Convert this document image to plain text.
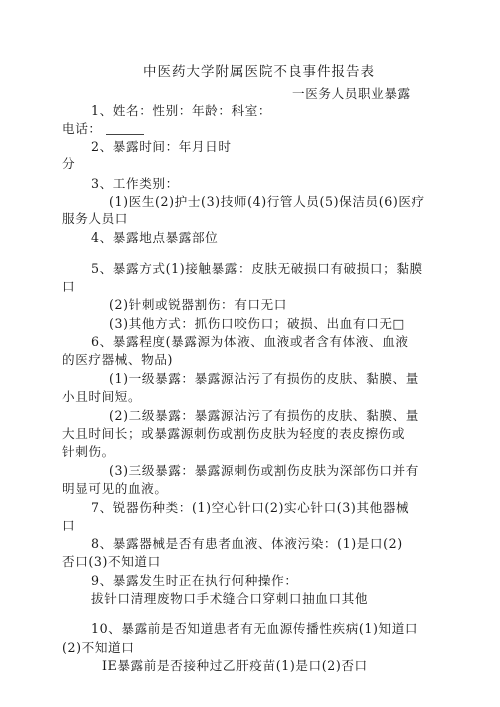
中医药大学附属医院不良事件报告表
一医务人员职业暴露
1、姓名：性别：年龄：科室：
电话：
2、暴露时间：年月日时
分
3、工作类别：
(1)医生(2)护士(3)技师(4)行管人员(5)保洁员(6)医疗
服务人员口
4、暴露地点暴露部位
5、暴露方式(1)接触暴露：皮肤无破损口有破损口；黏膜
口
(2)针刺或锐器割伤：有口无口
(3)其他方式：抓伤口咬伤口；破损、出血有口无□
6、暴露程度(暴露源为体液、血液或者含有体液、血液
的医疗器械、物品)
(1)一级暴露：暴露源沾污了有损伤的皮肤、黏膜、量
小且时间短。
(2)二级暴露：暴露源沾污了有损伤的皮肤、黏膜、量
大且时间长；或暴露源刺伤或割伤皮肤为轻度的表皮擦伤或
针刺伤。
(3)三级暴露：暴露源刺伤或割伤皮肤为深部伤口并有
明显可见的血液。
7、锐器伤种类：(1)空心针口(2)实心针口(3)其他器械
口
8、暴露器械是否有患者血液、体液污染：(1)是口(2)
否口(3)不知道口
9、暴露发生时正在执行何种操作：
拔针口清理废物口手术缝合口穿刺口抽血口其他
10、暴露前是否知道患者有无血源传播性疾病(1)知道口
(2)不知道口
IE暴露前是否接种过乙肝疫苗(1)是口(2)否口
